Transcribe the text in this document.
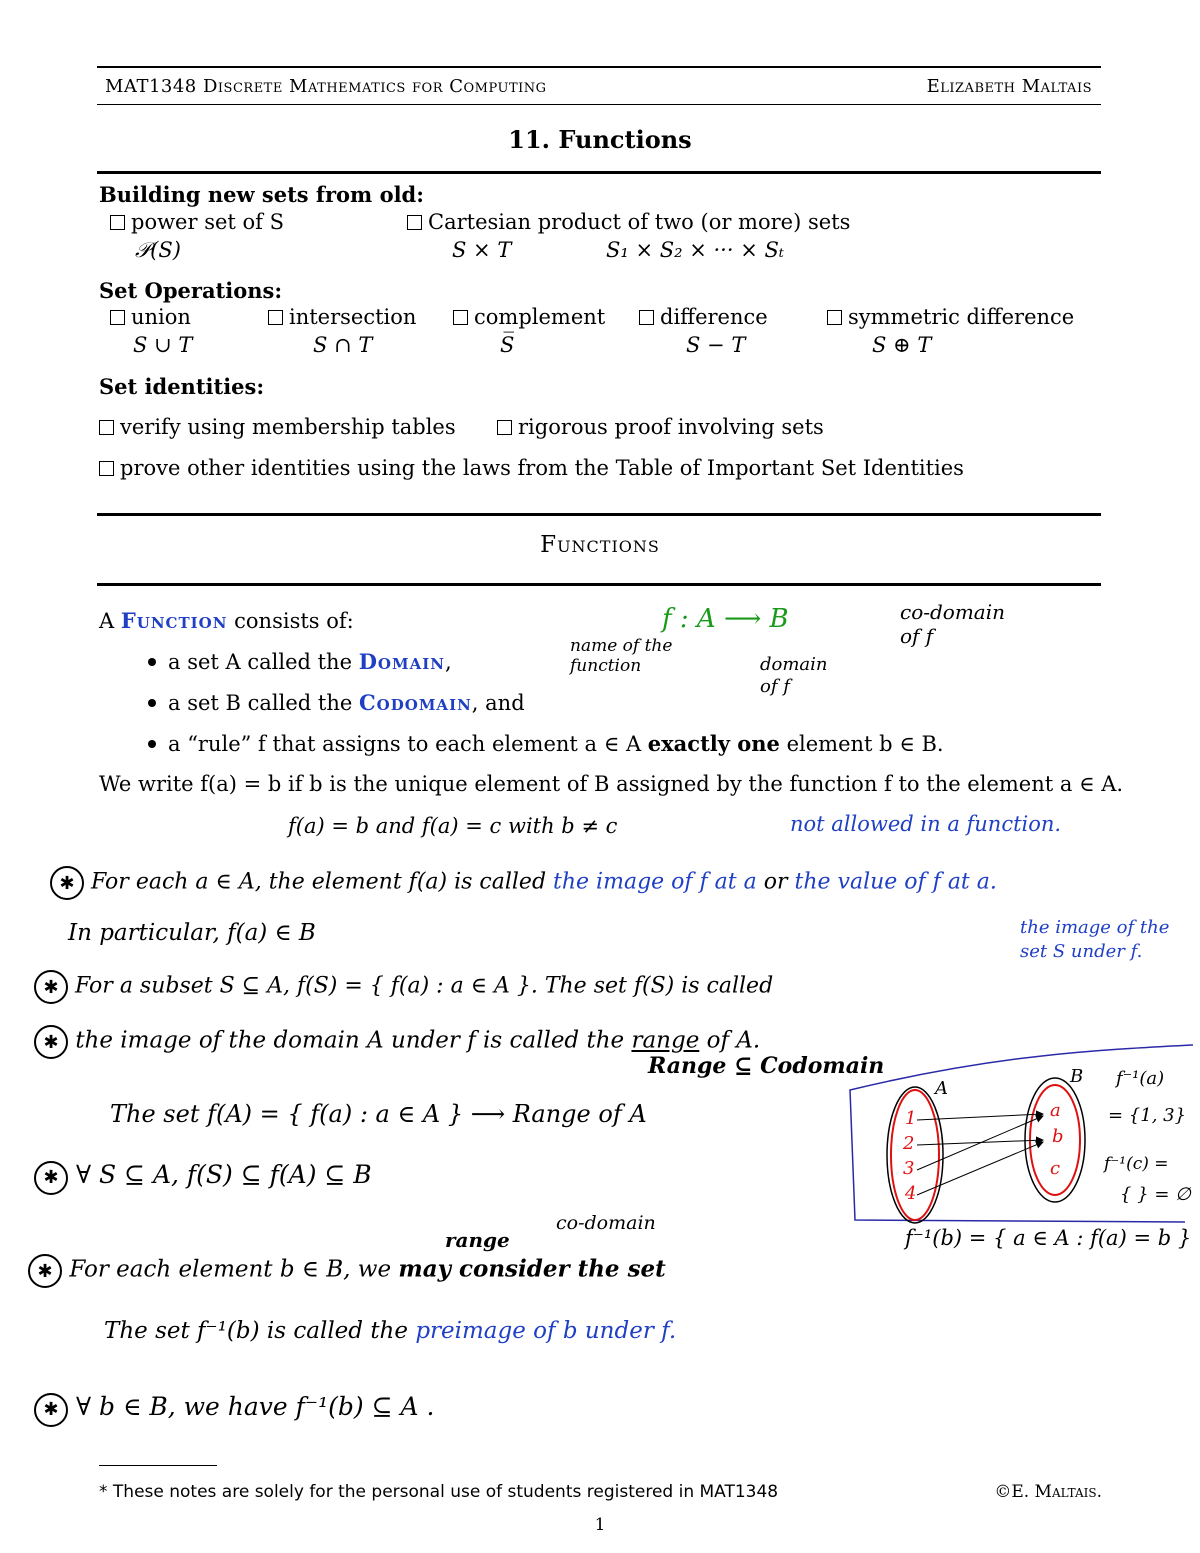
MAT1348 Discrete Mathematics for Computing	Elizabeth Maltais
11. Functions
Building new sets from old:
power set of S
𝒫(S)
Cartesian product of two (or more) sets
S × T	S₁ × S₂ × ··· × Sₜ
Set Operations:
union
S ∪ T
intersection
S ∩ T
complement
S̅
difference
S − T
symmetric difference
S ⊕ T
Set identities:
verify using membership tables	rigorous proof involving sets
prove other identities using the laws from the Table of Important Set Identities
Functions
A Function consists of:
a set A called the Domain,
a set B called the Codomain, and
a “rule” f that assigns to each element a ∈ A exactly one element b ∈ B.
We write f(a) = b if b is the unique element of B assigned by the function f to the element a ∈ A.
f : A ⟶ B	co-domain of f
name of the function	domain of f
f(a) = b and f(a) = c with b ≠ c	not allowed in a function.
✱ For each a ∈ A, the element f(a) is called the image of f at a or the value of f at a.
In particular, f(a) ∈ B
✱ For a subset S ⊆ A, f(S) = { f(a) : a ∈ A }. The set f(S) is called
the image of the set S under f.
✱ the image of the domain A under f is called the range of A.
Range ⊆ Codomain
The set f(A) = { f(a) : a ∈ A } ⟶ Range of A
✱ ∀ S ⊆ A, f(S) ⊆ f(A) ⊆ B
range
co-domain
A
B
1
2
3
4
a
b
c
f⁻¹(a)
= {1, 3}
f⁻¹(c) =
{ } = ∅
✱ For each element b ∈ B, we may consider the set
f⁻¹(b) = { a ∈ A : f(a) = b }
The set f⁻¹(b) is called the preimage of b under f.
✱ ∀ b ∈ B, we have f⁻¹(b) ⊆ A .
* These notes are solely for the personal use of students registered in MAT1348	©E. Maltais.
1
